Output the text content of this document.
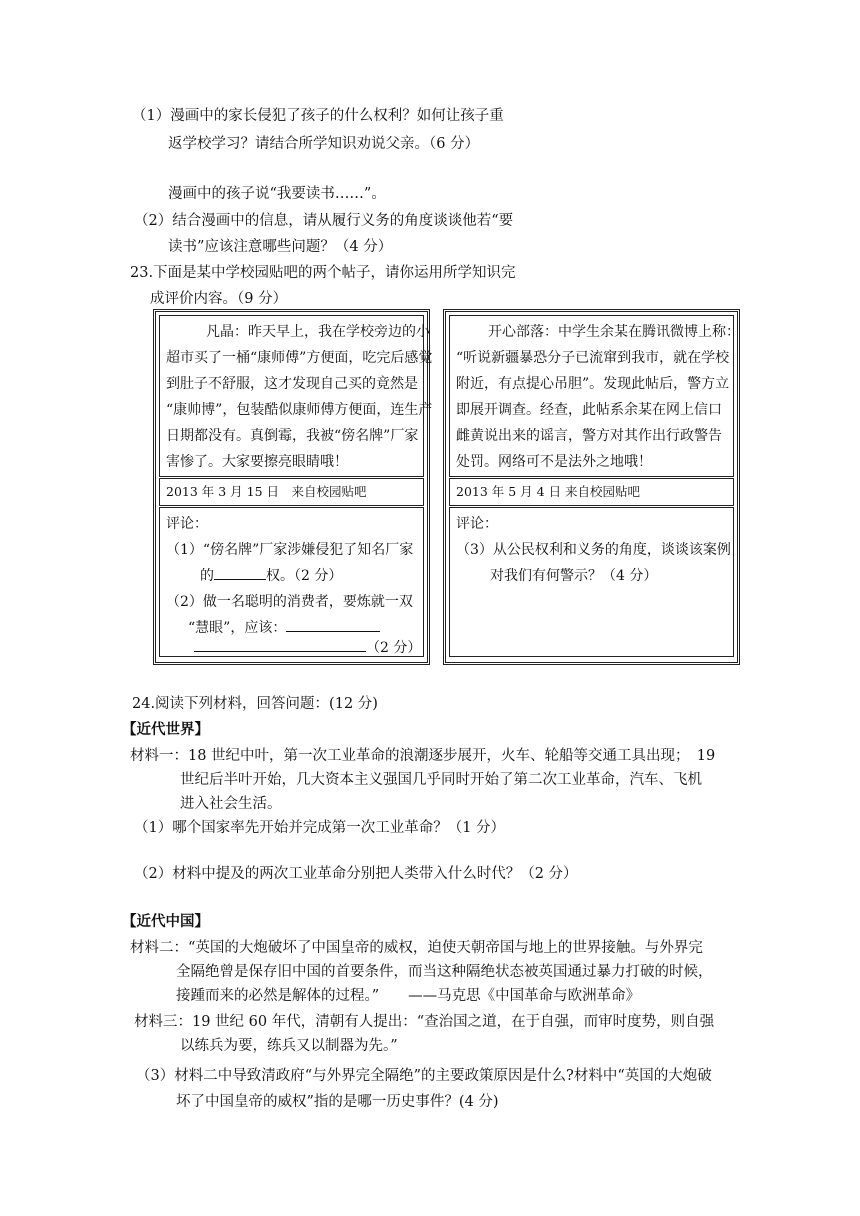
（1）漫画中的家长侵犯了孩子的什么权利？如何让孩子重
返学校学习？请结合所学知识劝说父亲。（6 分）
漫画中的孩子说“我要读书……”。
（2）结合漫画中的信息，请从履行义务的角度谈谈他若“要
读书”应该注意哪些问题？（4 分）
23.下面是某中学校园贴吧的两个帖子，请你运用所学知识完
成评价内容。（9 分）
凡晶：昨天早上，我在学校旁边的小
超市买了一桶“康师傅”方便面，吃完后感觉
到肚子不舒服，这才发现自己买的竟然是
“康帅博”，包装酷似康师傅方便面，连生产
日期都没有。真倒霉，我被“傍名牌”厂家
害惨了。大家要擦亮眼睛哦！
2013 年 3 月 15 日　来自校园贴吧
评论：
（1）“傍名牌”厂家涉嫌侵犯了知名厂家
的	权。（2 分）
（2）做一名聪明的消费者，要炼就一双
“慧眼”，应该：
（2 分）
开心部落：中学生余某在腾讯微博上称：
“听说新疆暴恐分子已流窜到我市，就在学校
附近，有点提心吊胆”。发现此帖后，警方立
即展开调查。经查，此帖系余某在网上信口
雌黄说出来的谣言，警方对其作出行政警告
处罚。网络可不是法外之地哦！
2013 年 5 月 4 日 来自校园贴吧
评论：
（3）从公民权利和义务的角度，谈谈该案例
对我们有何警示？（4 分）
24.阅读下列材料，回答问题：(12 分)
【近代世界】
材料一：18 世纪中叶，第一次工业革命的浪潮逐步展开，火车、轮船等交通工具出现；　19
世纪后半叶开始，几大资本主义强国几乎同时开始了第二次工业革命，汽车、飞机
进入社会生活。
（1）哪个国家率先开始并完成第一次工业革命？（1 分）
（2）材料中提及的两次工业革命分别把人类带入什么时代？（2 分）
【近代中国】
材料二：“英国的大炮破坏了中国皇帝的威权，迫使天朝帝国与地上的世界接触。与外界完
全隔绝曾是保存旧中国的首要条件，而当这种隔绝状态被英国通过暴力打破的时候，
接踵而来的必然是解体的过程。”　　——马克思《中国革命与欧洲革命》
材料三：19 世纪 60 年代，清朝有人提出：“查治国之道，在于自强，而审时度势，则自强
以练兵为要，练兵又以制器为先。”
（3）材料二中导致清政府“与外界完全隔绝”的主要政策原因是什么?材料中“英国的大炮破
坏了中国皇帝的威权”指的是哪一历史事件？(4 分)
